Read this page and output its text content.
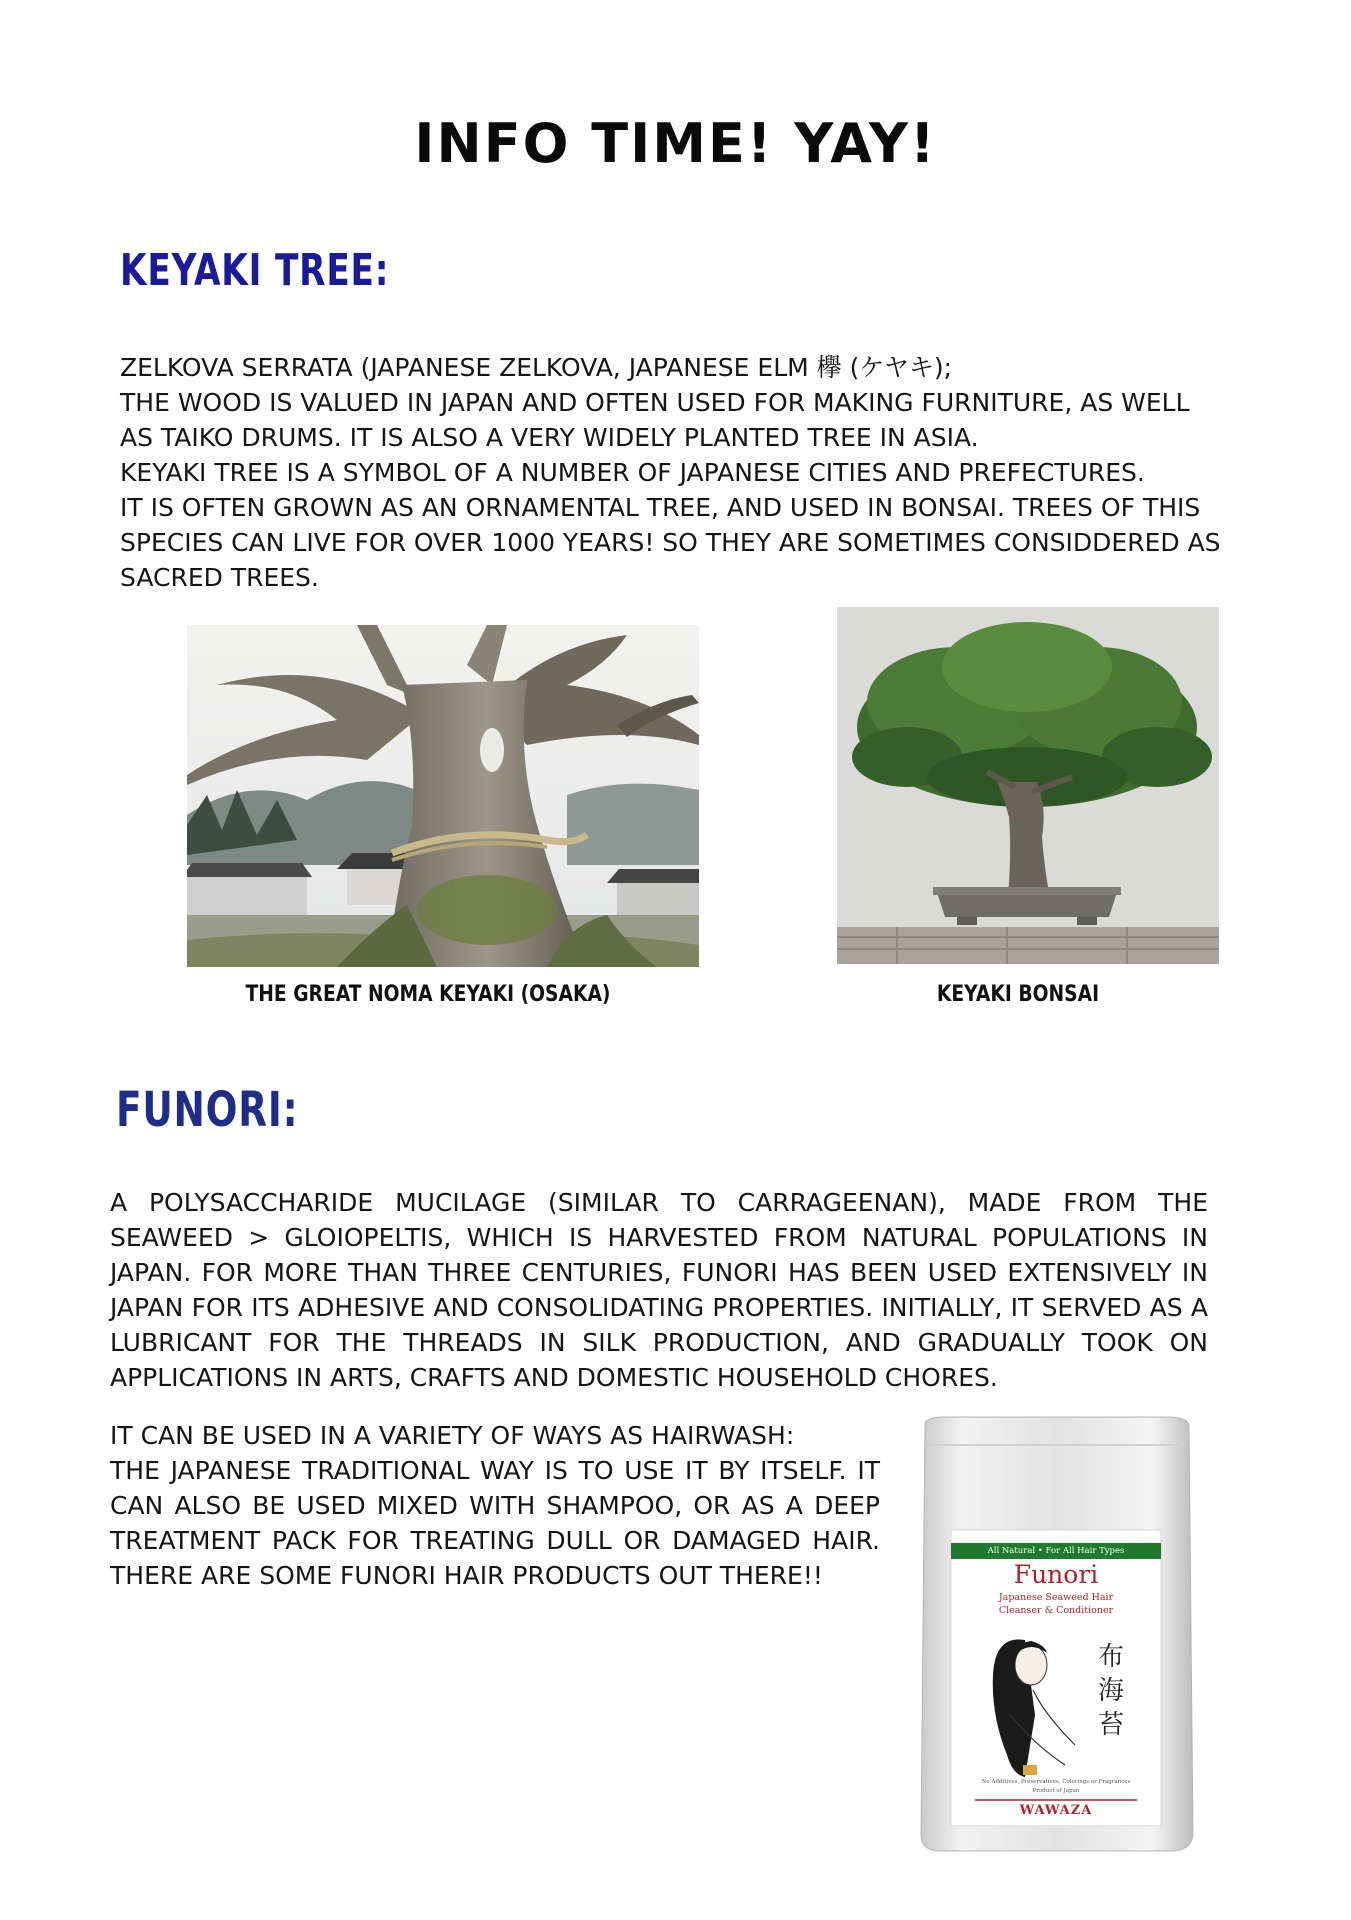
INFO TIME! YAY!
KEYAKI TREE:
ZELKOVA SERRATA (JAPANESE ZELKOVA, JAPANESE ELM 欅 (ケヤキ);
THE WOOD IS VALUED IN JAPAN AND OFTEN USED FOR MAKING FURNITURE, AS WELL
AS TAIKO DRUMS. IT IS ALSO A VERY WIDELY PLANTED TREE IN ASIA.
KEYAKI TREE IS A SYMBOL OF A NUMBER OF JAPANESE CITIES AND PREFECTURES.
IT IS OFTEN GROWN AS AN ORNAMENTAL TREE, AND USED IN BONSAI. TREES OF THIS
SPECIES CAN LIVE FOR OVER 1000 YEARS! SO THEY ARE SOMETIMES CONSIDDERED AS
SACRED TREES.
THE GREAT NOMA KEYAKI (OSAKA)	KEYAKI BONSAI
FUNORI:

A POLYSACCHARIDE MUCILAGE (SIMILAR TO CARRAGEENAN), MADE FROM THE SEAWEED > GLOIOPELTIS, WHICH IS HARVESTED FROM NATURAL POPULATIONS IN JAPAN. FOR MORE THAN THREE CENTURIES, FUNORI HAS BEEN USED EXTENSIVELY IN JAPAN FOR ITS ADHESIVE AND CONSOLIDATING PROPERTIES. INITIALLY, IT SERVED AS A LUBRICANT FOR THE THREADS IN SILK PRODUCTION, AND GRADUALLY TOOK ON APPLICATIONS IN ARTS, CRAFTS AND DOMESTIC HOUSEHOLD CHORES.

IT CAN BE USED IN A VARIETY OF WAYS AS HAIRWASH:
THE JAPANESE TRADITIONAL WAY IS TO USE IT BY ITSELF. IT CAN ALSO BE USED MIXED WITH SHAMPOO, OR AS A DEEP TREATMENT PACK FOR TREATING DULL OR DAMAGED HAIR. THERE ARE SOME FUNORI HAIR PRODUCTS OUT THERE!!
All Natural • For All Hair Types
Funori
Japanese Seaweed Hair
Cleanser & Conditioner
布
海
苔
No Additives, Preservatives, Colorings or Fragrances
Product of Japan
WAWAZA
